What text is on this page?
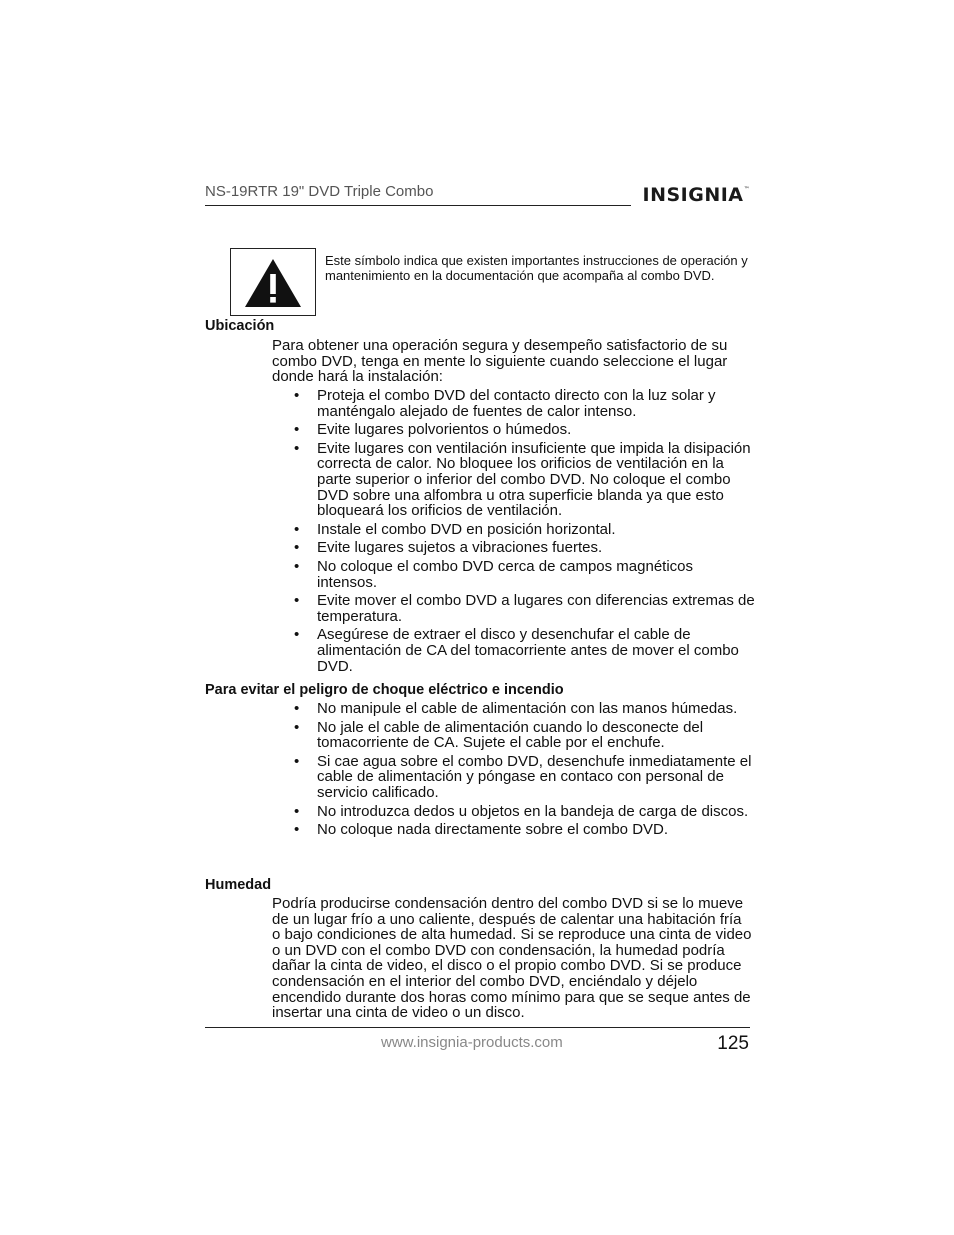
NS-19RTR 19" DVD Triple Combo	INSIGNIA™
Este símbolo indica que existen importantes instrucciones de operación y mantenimiento en la documentación que acompaña al combo DVD.
Ubicación

Para obtener una operación segura y desempeño satisfactorio de su combo DVD, tenga en mente lo siguiente cuando seleccione el lugar donde hará la instalación:

• Proteja el combo DVD del contacto directo con la luz solar y manténgalo alejado de fuentes de calor intenso.
• Evite lugares polvorientos o húmedos.
• Evite lugares con ventilación insuficiente que impida la disipación correcta de calor. No bloquee los orificios de ventilación en la parte superior o inferior del combo DVD. No coloque el combo DVD sobre una alfombra u otra superficie blanda ya que esto bloqueará los orificios de ventilación.
• Instale el combo DVD en posición horizontal.
• Evite lugares sujetos a vibraciones fuertes.
• No coloque el combo DVD cerca de campos magnéticos intensos.
• Evite mover el combo DVD a lugares con diferencias extremas de temperatura.
• Asegúrese de extraer el disco y desenchufar el cable de alimentación de CA del tomacorriente antes de mover el combo DVD.
Para evitar el peligro de choque eléctrico e incendio
• No manipule el cable de alimentación con las manos húmedas.
• No jale el cable de alimentación cuando lo desconecte del tomacorriente de CA. Sujete el cable por el enchufe.
• Si cae agua sobre el combo DVD, desenchufe inmediatamente el cable de alimentación y póngase en contaco con personal de servicio calificado.
• No introduzca dedos u objetos en la bandeja de carga de discos.
• No coloque nada directamente sobre el combo DVD.
Humedad

Podría producirse condensación dentro del combo DVD si se lo mueve de un lugar frío a uno caliente, después de calentar una habitación fría o bajo condiciones de alta humedad. Si se reproduce una cinta de video o un DVD con el combo DVD con condensación, la humedad podría dañar la cinta de video, el disco o el propio combo DVD. Si se produce condensación en el interior del combo DVD, enciéndalo y déjelo encendido durante dos horas como mínimo para que se seque antes de insertar una cinta de video o un disco.

www.insignia-products.com	125
